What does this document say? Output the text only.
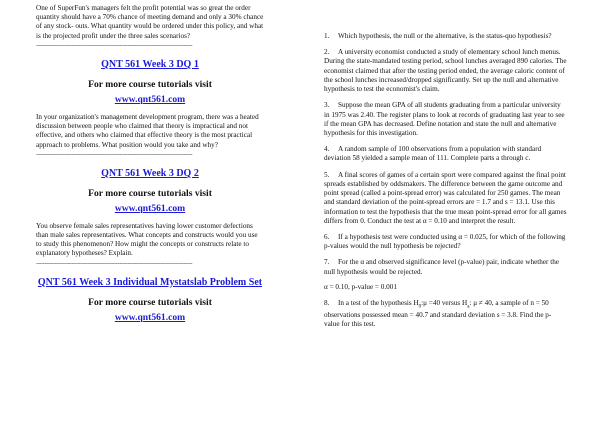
One of SuperFun's managers felt the profit potential was so great the order quantity should have a 70% chance of meeting demand and only a 30% chance of any stock- outs. What quantity would be ordered under this policy, and what is the projected profit under the three sales scenarios?

--------------------------------------------------------------------------------------------
QNT 561 Week 3 DQ 1
For more course tutorials visit
www.qnt561.com

In your organization's management development program, there was a heated discussion between people who claimed that theory is impractical and not effective, and others who claimed that effective theory is the most practical approach to problems. What position would you take and why?

--------------------------------------------------------------------------------------------
QNT 561 Week 3 DQ 2
For more course tutorials visit
www.qnt561.com

You observe female sales representatives having lower customer defections than male sales representatives. What concepts and constructs would you use to study this phenomenon? How might the concepts or constructs relate to explanatory hypotheses? Explain.

--------------------------------------------------------------------------------------------
QNT 561 Week 3 Individual Mystatslab Problem Set
For more course tutorials visit
www.qnt561.com

1. Which hypothesis, the null or the alternative, is the status-quo hypothesis?

2. A university economist conducted a study of elementary school lunch menus. During the state-mandated testing period, school lunches averaged 890 calories. The economist claimed that after the testing period ended, the average caloric content of the school lunches increased/dropped significantly. Set up the null and alternative hypothesis to test the economist's claim.

3. Suppose the mean GPA of all students graduating from a particular university in 1975 was 2.40. The register plans to look at records of graduating last year to see if the mean GPA has decreased. Define notation and state the null and alternative hypothesis for this investigation.

4. A random sample of 100 observations from a population with standard deviation 58 yielded a sample mean of 111. Complete parts a through c.

5. A final scores of games of a certain sport were compared against the final point spreads established by oddsmakers. The difference between the game outcome and point spread (called a point-spread error) was calculated for 250 games. The mean and standard deviation of the point-spread errors are = 1.7 and s = 13.1. Use this information to test the hypothesis that the true mean point-spread error for all games differs from 0. Conduct the test at α = 0.10 and interpret the result.

6. If a hypothesis test were conducted using α = 0.025, for which of the following p-values would the null hypothesis be rejected?

7. For the α and observed significance level (p-value) pair, indicate whether the null hypothesis would be rejected.

α = 0.10, p-value = 0.001

8. In a test of the hypothesis $H_0:\mu =40$ versus $H_a$: μ ≠ 40, a sample of n = 50 observations possessed mean = 40.7 and standard deviation s = 3.8. Find the p- value for this test.
